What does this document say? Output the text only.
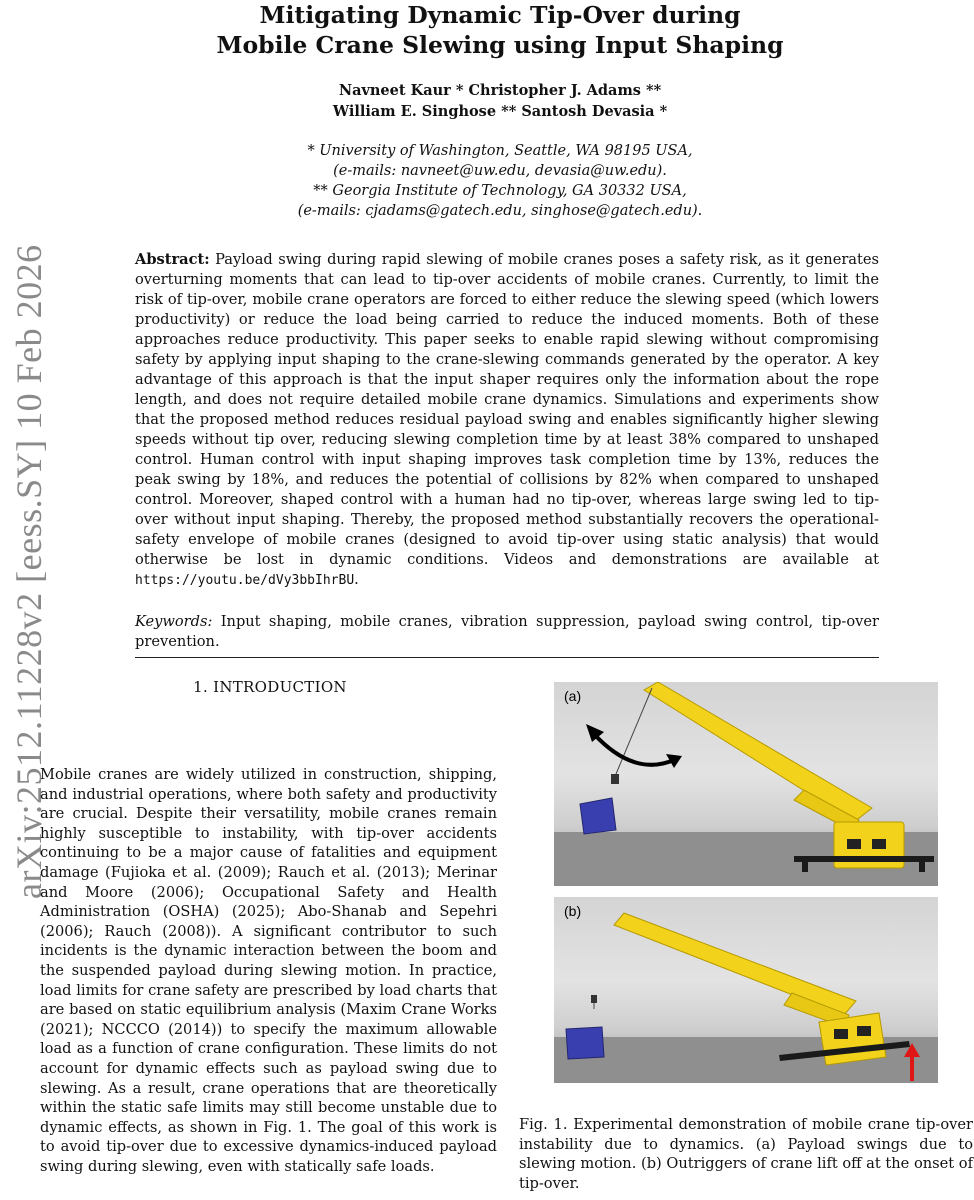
arXiv:2512.11228v2 [eess.SY] 10 Feb 2026
Mitigating Dynamic Tip-Over during
Mobile Crane Slewing using Input Shaping
Navneet Kaur * Christopher J. Adams **
William E. Singhose ** Santosh Devasia *
* University of Washington, Seattle, WA 98195 USA,
(e-mails: navneet@uw.edu, devasia@uw.edu).
** Georgia Institute of Technology, GA 30332 USA,
(e-mails: cjadams@gatech.edu, singhose@gatech.edu).
Abstract: Payload swing during rapid slewing of mobile cranes poses a safety risk, as it generates overturning moments that can lead to tip-over accidents of mobile cranes. Currently, to limit the risk of tip-over, mobile crane operators are forced to either reduce the slewing speed (which lowers productivity) or reduce the load being carried to reduce the induced moments. Both of these approaches reduce productivity. This paper seeks to enable rapid slewing without compromising safety by applying input shaping to the crane-slewing commands generated by the operator. A key advantage of this approach is that the input shaper requires only the information about the rope length, and does not require detailed mobile crane dynamics. Simulations and experiments show that the proposed method reduces residual payload swing and enables significantly higher slewing speeds without tip over, reducing slewing completion time by at least 38% compared to unshaped control. Human control with input shaping improves task completion time by 13%, reduces the peak swing by 18%, and reduces the potential of collisions by 82% when compared to unshaped control. Moreover, shaped control with a human had no tip-over, whereas large swing led to tip-over without input shaping. Thereby, the proposed method substantially recovers the operational-safety envelope of mobile cranes (designed to avoid tip-over using static analysis) that would otherwise be lost in dynamic conditions. Videos and demonstrations are available at https://youtu.be/dVy3bbIhrBU.
Keywords: Input shaping, mobile cranes, vibration suppression, payload swing control, tip-over prevention.
1. INTRODUCTION
Mobile cranes are widely utilized in construction, shipping, and industrial operations, where both safety and productivity are crucial. Despite their versatility, mobile cranes remain highly susceptible to instability, with tip-over accidents continuing to be a major cause of fatalities and equipment damage (Fujioka et al. (2009); Rauch et al. (2013); Merinar and Moore (2006); Occupational Safety and Health Administration (OSHA) (2025); Abo-Shanab and Sepehri (2006); Rauch (2008)). A significant contributor to such incidents is the dynamic interaction between the boom and the suspended payload during slewing motion. In practice, load limits for crane safety are prescribed by load charts that are based on static equilibrium analysis (Maxim Crane Works (2021); NCCCO (2014)) to specify the maximum allowable load as a function of crane configuration. These limits do not account for dynamic effects such as payload swing due to slewing. As a result, crane operations that are theoretically within the static safe limits may still become unstable due to dynamic effects, as shown in Fig. 1. The goal of this work is to avoid tip-over due to excessive dynamics-induced payload swing during slewing, even with statically safe loads.
(a)
(b)
Fig. 1. Experimental demonstration of mobile crane tip-over instability due to dynamics. (a) Payload swings due to slewing motion. (b) Outriggers of crane lift off at the onset of tip-over.
